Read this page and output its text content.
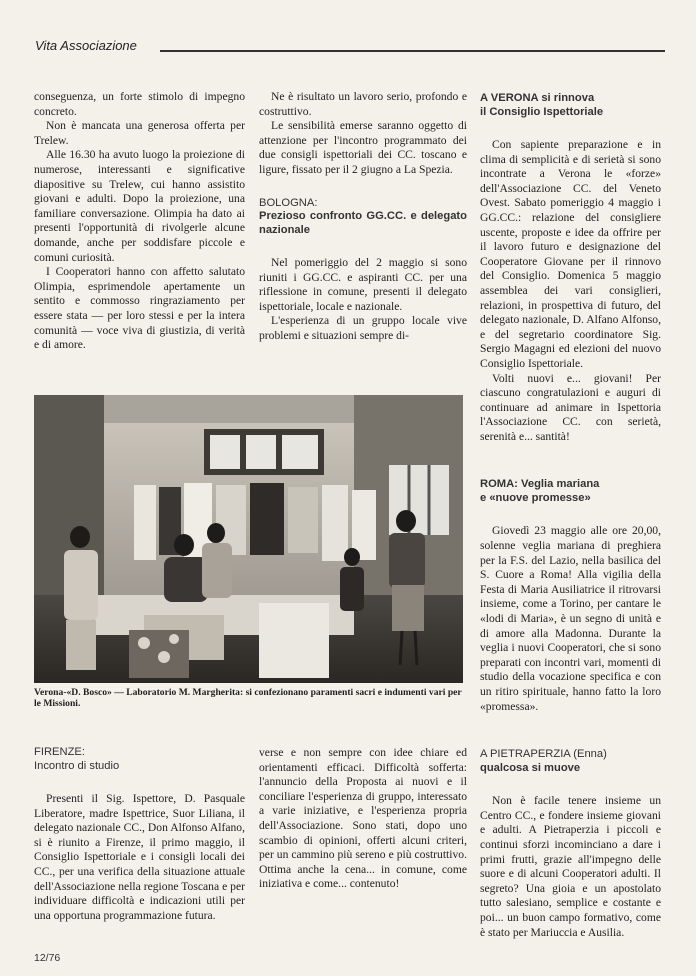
Vita Associazione

conseguenza, un forte stimolo di impegno concreto.

Non è mancata una generosa offerta per Trelew.

Alle 16.30 ha avuto luogo la proiezione di numerose, interessanti e significative diapositive su Trelew, cui hanno assistito giovani e adulti. Dopo la proiezione, una familiare conversazione. Olimpia ha dato ai presenti l'opportunità di rivolgerle alcune domande, anche per soddisfare piccole e comuni curiosità.

I Cooperatori hanno con affetto salutato Olimpia, esprimendole apertamente un sentito e commosso ringraziamento per essere stata — per loro stessi e per la intera comunità — voce viva di giustizia, di verità e di amore.

Ne è risultato un lavoro serio, profondo e costruttivo.

Le sensibilità emerse saranno oggetto di attenzione per l'incontro programmato dei due consigli ispettoriali dei CC. toscano e ligure, fissato per il 2 giugno a La Spezia.

BOLOGNA:
Prezioso confronto GG.CC. e delegato nazionale

Nel pomeriggio del 2 maggio si sono riuniti i GG.CC. e aspiranti CC. per una riflessione in comune, presenti il delegato ispettoriale, locale e nazionale.

L'esperienza di un gruppo locale vive problemi e situazioni sempre di-

Verona-«D. Bosco» — Laboratorio M. Margherita: si confezionano paramenti sacri e indumenti vari per le Missioni.
FIRENZE:
Incontro di studio

Presenti il Sig. Ispettore, D. Pasquale Liberatore, madre Ispettrice, Suor Liliana, il delegato nazionale CC., Don Alfonso Alfano, si è riunito a Firenze, il primo maggio, il Consiglio Ispettoriale e i consigli locali dei CC., per una verifica della situazione attuale dell'Associazione nella regione Toscana e per individuare difficoltà e indicazioni utili per una opportuna programmazione futura.

verse e non sempre con idee chiare ed orientamenti efficaci. Difficoltà sofferta: l'annuncio della Proposta ai nuovi e il conciliare l'esperienza di gruppo, interessato a varie iniziative, e l'esperienza propria dell'Associazione. Sono stati, dopo uno scambio di opinioni, offerti alcuni criteri, per un cammino più sereno e più costruttivo. Ottima anche la cena... in comune, come iniziativa e come... contenuto!

A VERONA si rinnova
il Consiglio Ispettoriale

Con sapiente preparazione e in clima di semplicità e di serietà si sono incontrate a Verona le «forze» dell'Associazione CC. del Veneto Ovest. Sabato pomeriggio 4 maggio i GG.CC.: relazione del consigliere uscente, proposte e idee da offrire per il lavoro futuro e designazione del Cooperatore Giovane per il rinnovo del Consiglio. Domenica 5 maggio assemblea dei vari consiglieri, relazioni, in prospettiva di futuro, del delegato nazionale, D. Alfano Alfonso, e del segretario coordinatore Sig. Sergio Magagni ed elezioni del nuovo Consiglio Ispettoriale.

Volti nuovi e... giovani! Per ciascuno congratulazioni e auguri di continuare ad animare in Ispettoria l'Associazione CC. con serietà, serenità e... santità!

ROMA: Veglia mariana
e «nuove promesse»

Giovedì 23 maggio alle ore 20,00, solenne veglia mariana di preghiera per la F.S. del Lazio, nella basilica del S. Cuore a Roma! Alla vigilia della Festa di Maria Ausiliatrice il ritrovarsi insieme, come a Torino, per cantare le «lodi di Maria», è un segno di unità e di amore alla Madonna. Durante la veglia i nuovi Cooperatori, che si sono preparati con incontri vari, momenti di studio della vocazione specifica e con un ritiro spirituale, hanno fatto la loro «promessa».

A PIETRAPERZIA (Enna)
qualcosa si muove

Non è facile tenere insieme un Centro CC., e fondere insieme giovani e adulti. A Pietraperzia i piccoli e continui sforzi incominciano a dare i primi frutti, grazie all'impegno delle suore e di alcuni Cooperatori adulti. Il segreto? Una gioia e un apostolato tutto salesiano, semplice e costante e poi... un buon campo formativo, come è stato per Mariuccia e Ausilia.

12/76
